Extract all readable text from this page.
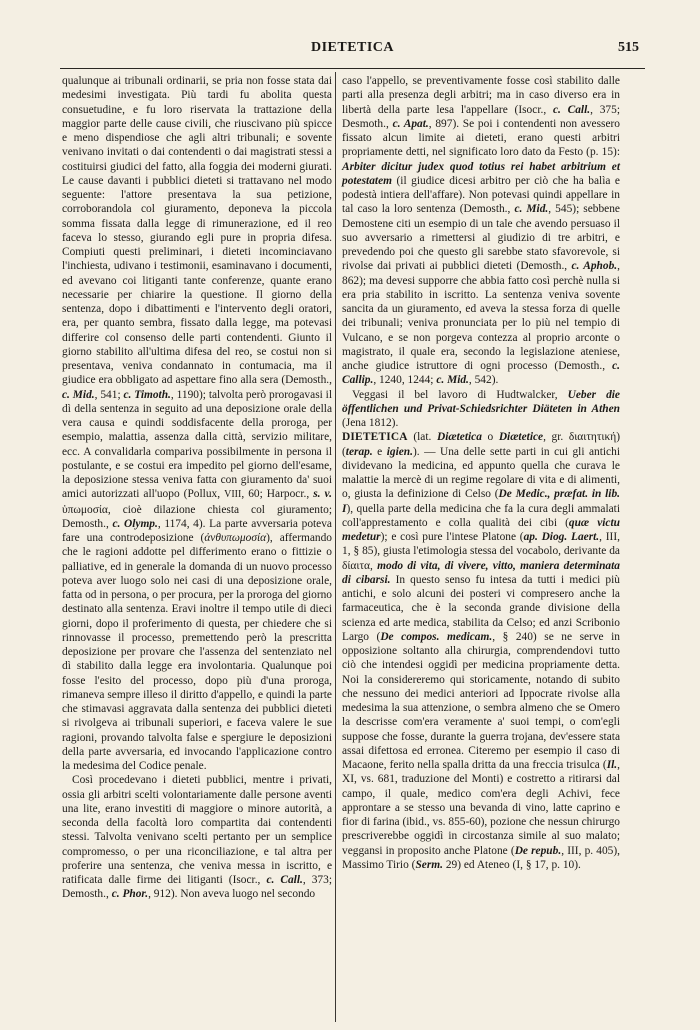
DIETETICA	515

qualunque ai tribunali ordinarii, se pria non fosse stata dai medesimi investigata. Più tardi fu abolita questa consuetudine, e fu loro riservata la trattazione della maggior parte delle cause civili, che riuscivano più spicce e meno dispendiose che agli altri tribunali; e sovente venivano invitati o dai contendenti o dai magistrati stessi a costituirsi giudici del fatto, alla foggia dei moderni giurati. Le cause davanti i pubblici dieteti si trattavano nel modo seguente: l'attore presentava la sua petizione, corroborandola col giuramento, deponeva la piccola somma fissata dalla legge di rimunerazione, ed il reo faceva lo stesso, giurando egli pure in propria difesa. Compiuti questi preliminari, i dieteti incominciavano l'inchiesta, udivano i testimonii, esaminavano i documenti, ed avevano coi litiganti tante conferenze, quante erano necessarie per chiarire la questione. Il giorno della sentenza, dopo i dibattimenti e l'intervento degli oratori, era, per quanto sembra, fissato dalla legge, ma potevasi differire col consenso delle parti contendenti. Giunto il giorno stabilito all'ultima difesa del reo, se costui non si presentava, veniva condannato in contumacia, ma il giudice era obbligato ad aspettare fino alla sera (Demosth., c. Mid., 541; c. Timoth., 1190); talvolta però prorogavasi il dì della sentenza in seguito ad una deposizione orale della vera causa e quindi soddisfacente della proroga, per esempio, malattia, assenza dalla città, servizio militare, ecc. A convalidarla compariva possibilmente in persona il postulante, e se costui era impedito pel giorno dell'esame, la deposizione stessa veniva fatta con giuramento da' suoi amici autorizzati all'uopo (Pollux, VIII, 60; Harpocr., s. v. ὑπωμοσία, cioè dilazione chiesta col giuramento; Demosth., c. Olymp., 1174, 4). La parte avversaria poteva fare una controdeposizione (ἀνθυπωμοσία), affermando che le ragioni addotte pel differimento erano o fittizie o palliative, ed in generale la domanda di un nuovo processo poteva aver luogo solo nei casi di una deposizione orale, fatta od in persona, o per procura, per la proroga del giorno destinato alla sentenza. Eravi inoltre il tempo utile di dieci giorni, dopo il proferimento di questa, per chiedere che si rinnovasse il processo, premettendo però la prescritta deposizione per provare che l'assenza del sentenziato nel dì stabilito dalla legge era involontaria. Qualunque poi fosse l'esito del processo, dopo più d'una proroga, rimaneva sempre illeso il diritto d'appello, e quindi la parte che stimavasi aggravata dalla sentenza dei pubblici dieteti si rivolgeva ai tribunali superiori, e faceva valere le sue ragioni, provando talvolta false e spergiure le deposizioni della parte avversaria, ed invocando l'applicazione contro la medesima del Codice penale.

Così procedevano i dieteti pubblici, mentre i privati, ossia gli arbitri scelti volontariamente dalle persone aventi una lite, erano investiti di maggiore o minore autorità, a seconda della facoltà loro compartita dai contendenti stessi. Talvolta venivano scelti pertanto per un semplice compromesso, o per una riconciliazione, e tal altra per proferire una sentenza, che veniva messa in iscritto, e ratificata dalle firme dei litiganti (Isocr., c. Call., 373; Demosth., c. Phor., 912). Non aveva luogo nel secondo

caso l'appello, se preventivamente fosse così stabilito dalle parti alla presenza degli arbitri; ma in caso diverso era in libertà della parte lesa l'appellare (Isocr., c. Call., 375; Desmoth., c. Apat., 897). Se poi i contendenti non avessero fissato alcun limite ai dieteti, erano questi arbitri propriamente detti, nel significato loro dato da Festo (p. 15): Arbiter dicitur judex quod totius rei habet arbitrium et potestatem (il giudice dicesi arbitro per ciò che ha balìa e podestà intiera dell'affare). Non potevasi quindi appellare in tal caso la loro sentenza (Demosth., c. Mid., 545); sebbene Demostene citi un esempio di un tale che avendo persuaso il suo avversario a rimettersi al giudizio di tre arbitri, e prevedendo poi che questo gli sarebbe stato sfavorevole, si rivolse dai privati ai pubblici dieteti (Demosth., c. Aphob., 862); ma devesi supporre che abbia fatto così perchè nulla si era pria stabilito in iscritto. La sentenza veniva sovente sancita da un giuramento, ed aveva la stessa forza di quelle dei tribunali; veniva pronunciata per lo più nel tempio di Vulcano, e se non porgeva contezza al proprio arconte o magistrato, il quale era, secondo la legislazione ateniese, anche giudice istruttore di ogni processo (Demosth., c. Callip., 1240, 1244; c. Mid., 542).

Veggasi il bel lavoro di Hudtwalcker, Ueber die öffentlichen und Privat-Schiedsrichter Diäteten in Athen (Jena 1812).

DIETETICA (lat. Diætetica o Diætetice, gr. διαιτητική) (terap. e igien.). — Una delle sette parti in cui gli antichi dividevano la medicina, ed appunto quella che curava le malattie la mercè di un regime regolare di vita e di alimenti, o, giusta la definizione di Celso (De Medic., præfat. in lib. I), quella parte della medicina che fa la cura degli ammalati coll'apprestamento e colla qualità dei cibi (quæ victu medetur); e così pure l'intese Platone (ap. Diog. Laert., III, 1, § 85), giusta l'etimologia stessa del vocabolo, derivante da δίαιτα, modo di vita, di vivere, vitto, maniera determinata di cibarsi. In questo senso fu intesa da tutti i medici più antichi, e solo alcuni dei posteri vi compresero anche la farmaceutica, che è la seconda grande divisione della scienza ed arte medica, stabilita da Celso; ed anzi Scribonio Largo (De compos. medicam., § 240) se ne serve in opposizione soltanto alla chirurgia, comprendendovi tutto ciò che intendesi oggidì per medicina propriamente detta. Noi la considereremo qui storicamente, notando di subito che nessuno dei medici anteriori ad Ippocrate rivolse alla medesima la sua attenzione, o sembra almeno che se Omero la descrisse com'era veramente a' suoi tempi, o com'egli suppose che fosse, durante la guerra trojana, dev'essere stata assai difettosa ed erronea. Citeremo per esempio il caso di Macaone, ferito nella spalla dritta da una freccia trisulca (Il., XI, vs. 681, traduzione del Monti) e costretto a ritirarsi dal campo, il quale, medico com'era degli Achivi, fece approntare a se stesso una bevanda di vino, latte caprino e fior di farina (ibid., vs. 855-60), pozione che nessun chirurgo prescriverebbe oggidì in circostanza simile al suo malato; veggansi in proposito anche Platone (De repub., III, p. 405), Massimo Tirio (Serm. 29) ed Ateneo (I, § 17, p. 10).
